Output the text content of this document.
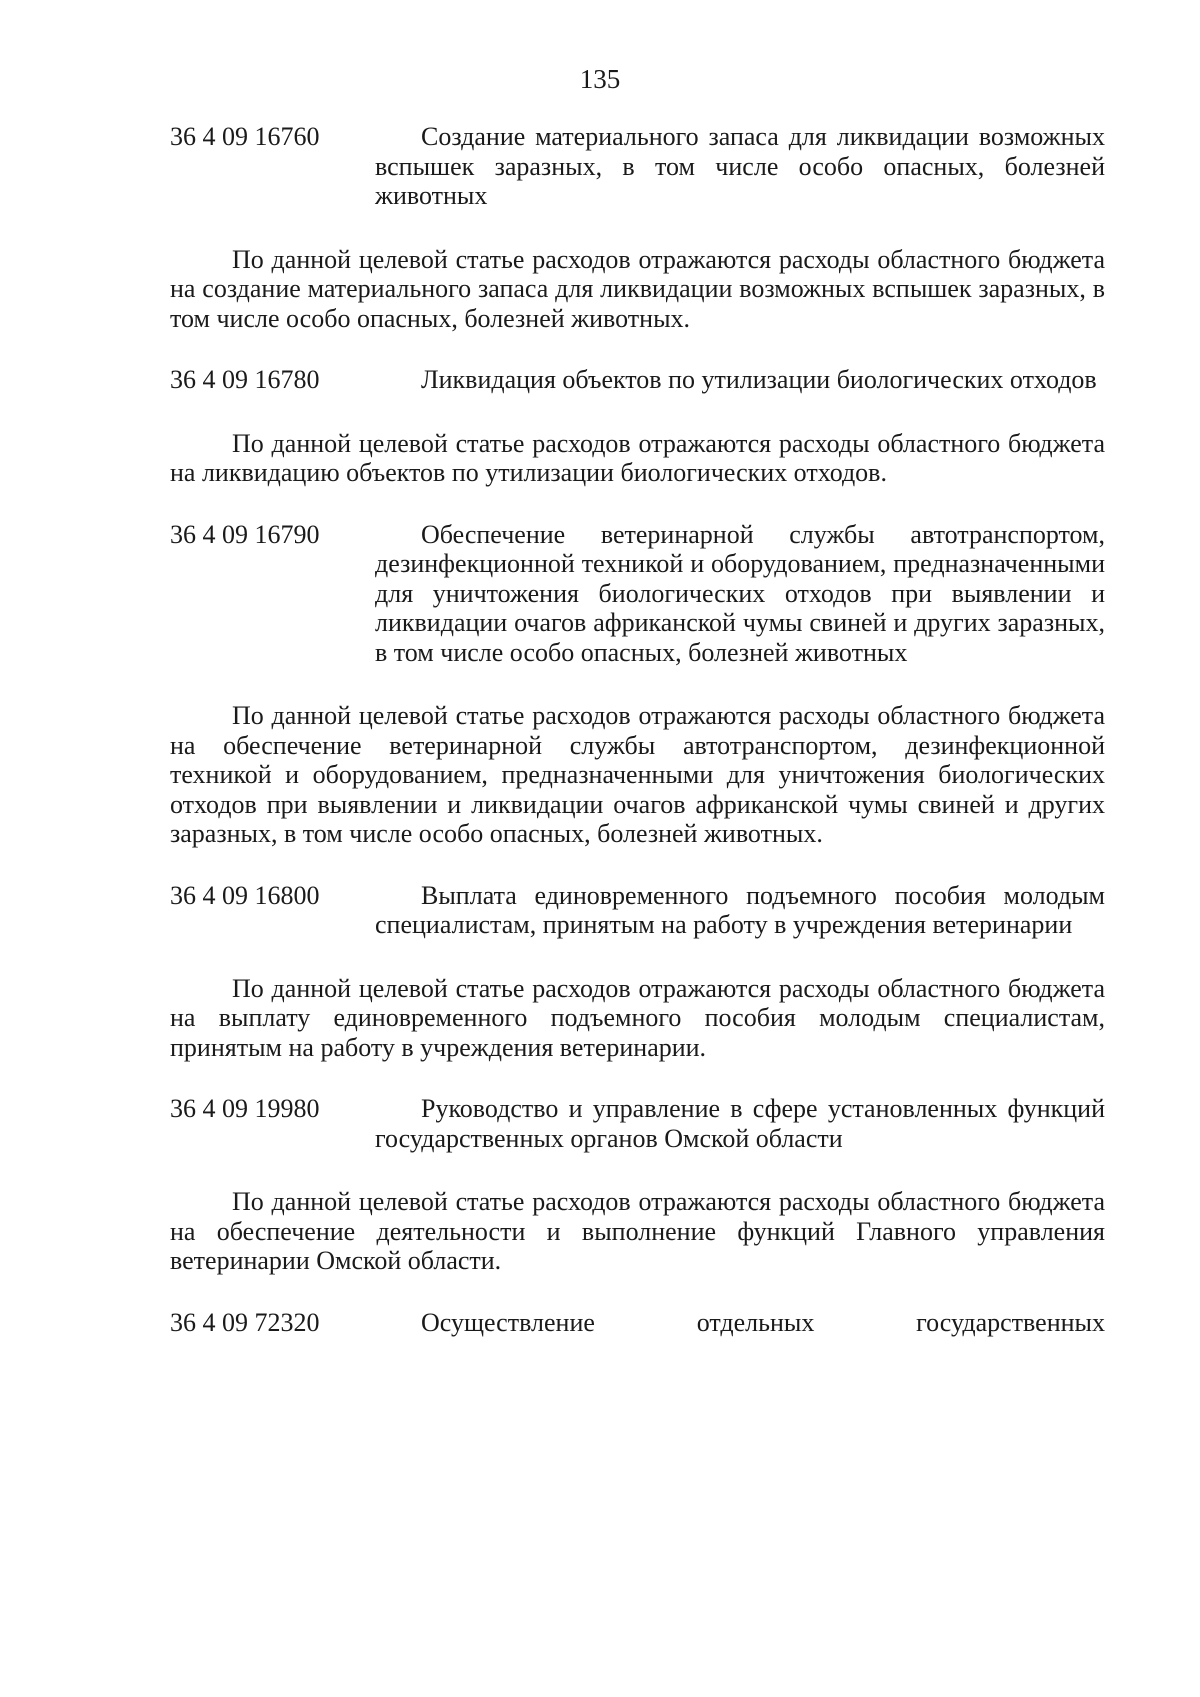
135
36 4 09 16760	Создание материального запаса для ликвидации возможных вспышек заразных, в том числе особо опасных, болезней животных

По данной целевой статье расходов отражаются расходы областного бюджета на создание материального запаса для ликвидации возможных вспышек заразных, в том числе особо опасных, болезней животных.

36 4 09 16780	Ликвидация объектов по утилизации биологических отходов

По данной целевой статье расходов отражаются расходы областного бюджета на ликвидацию объектов по утилизации биологических отходов.

36 4 09 16790	Обеспечение ветеринарной службы автотранспортом, дезинфекционной техникой и оборудованием, предназначенными для уничтожения биологических отходов при выявлении и ликвидации очагов африканской чумы свиней и других заразных, в том числе особо опасных, болезней животных

По данной целевой статье расходов отражаются расходы областного бюджета на обеспечение ветеринарной службы автотранспортом, дезинфекционной техникой и оборудованием, предназначенными для уничтожения биологических отходов при выявлении и ликвидации очагов африканской чумы свиней и других заразных, в том числе особо опасных, болезней животных.

36 4 09 16800	Выплата единовременного подъемного пособия молодым специалистам, принятым на работу в учреждения ветеринарии

По данной целевой статье расходов отражаются расходы областного бюджета на выплату единовременного подъемного пособия молодым специалистам, принятым на работу в учреждения ветеринарии.

36 4 09 19980	Руководство и управление в сфере установленных функций государственных органов Омской области

По данной целевой статье расходов отражаются расходы областного бюджета на обеспечение деятельности и выполнение функций Главного управления ветеринарии Омской области.

36 4 09 72320	Осуществление отдельных государственных
